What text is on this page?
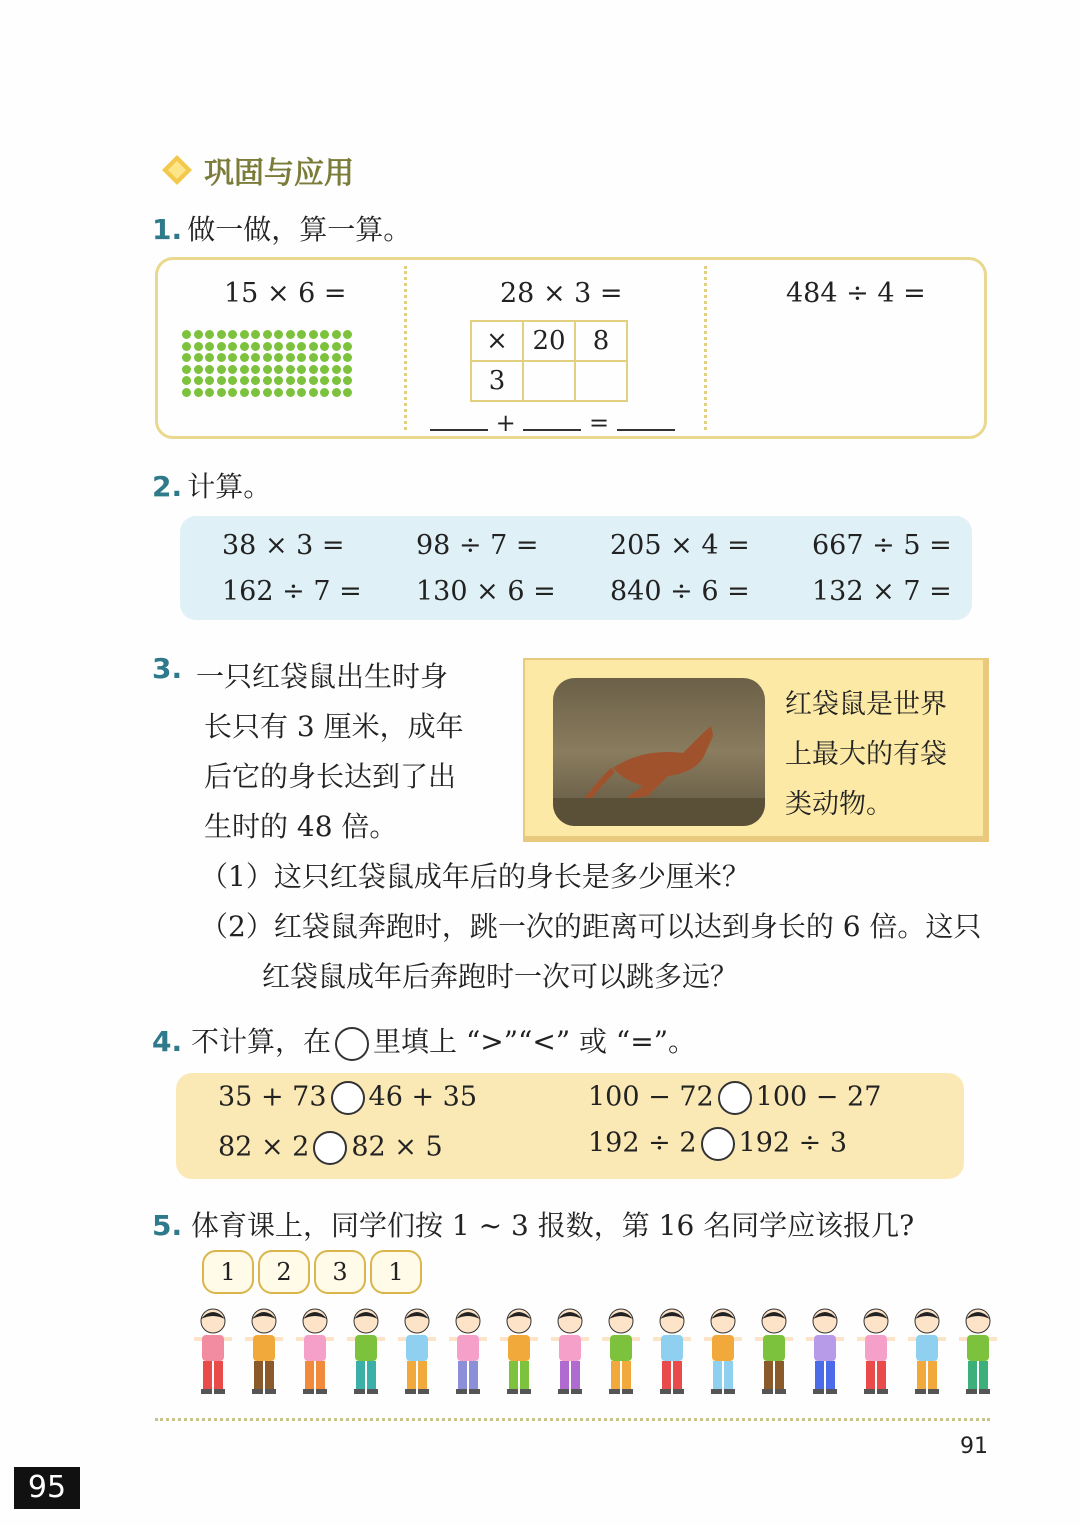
巩固与应用
1. 做一做，算一算。
15 × 6 =	28 × 3 =
×	20	8
3		
+	=
484 ÷ 4 =
2. 计算。
38 × 3 =	98 ÷ 7 =	205 × 4 = 667 ÷ 5 =
162 ÷ 7 = 130 × 6 = 840 ÷ 6 = 132 × 7 =
3. 一只红袋鼠出生时身
长只有 3 厘米，成年
后它的身长达到了出
生时的 48 倍。
红袋鼠是世界
上最大的有袋
类动物。
（1）这只红袋鼠成年后的身长是多少厘米？
（2）红袋鼠奔跑时，跳一次的距离可以达到身长的 6 倍。这只
红袋鼠成年后奔跑时一次可以跳多远？
4. 不计算，在 里填上 “>”“<” 或 “=”。
35 + 73 46 + 35	100 − 72 100 − 27
82 × 2 82 × 5	192 ÷ 2 192 ÷ 3
5. 体育课上，同学们按 1 ~ 3 报数，第 16 名同学应该报几?
1	2	3	1
91
95
